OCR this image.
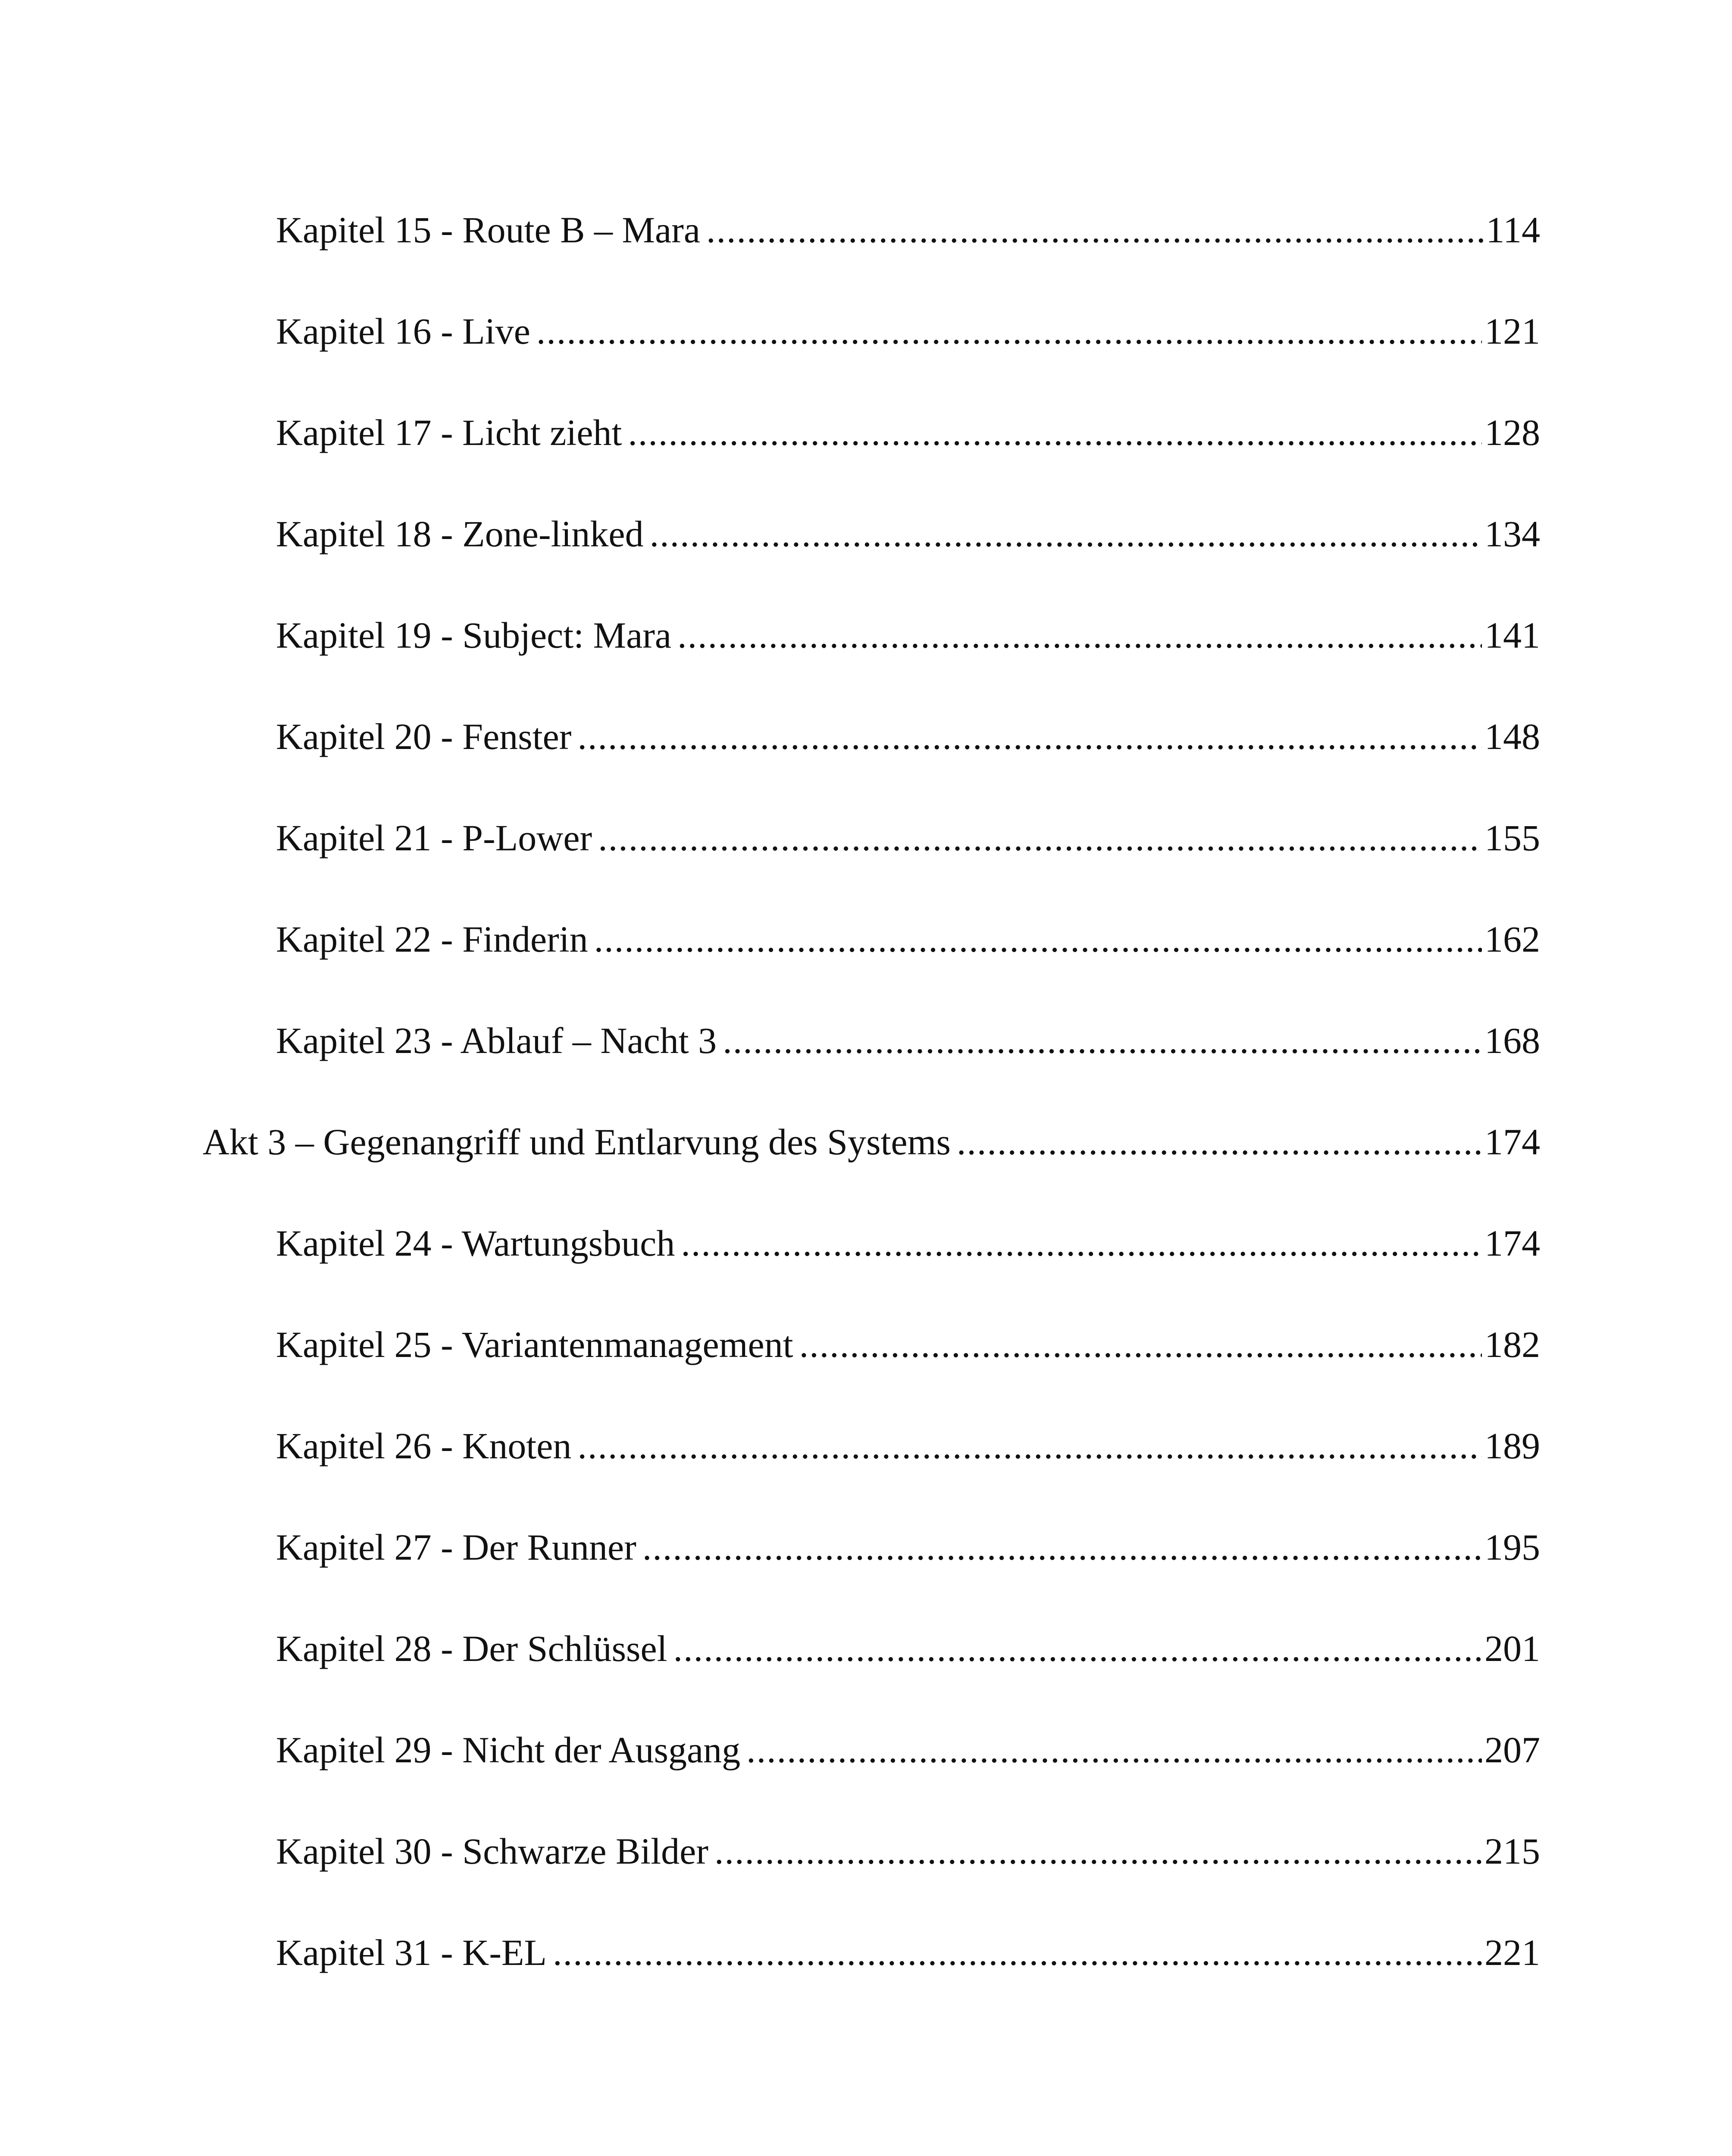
Kapitel 15 - Route B – Mara .....	114
Kapitel 16 - Live .....	121
Kapitel 17 - Licht zieht .....	128
Kapitel 18 - Zone-linked .....	134
Kapitel 19 - Subject: Mara .....	141
Kapitel 20 - Fenster .....	148
Kapitel 21 - P-Lower .....	155
Kapitel 22 - Finderin .....	162
Kapitel 23 - Ablauf – Nacht 3 .....	168
Akt 3 – Gegenangriff und Entlarvung des Systems .....	174
Kapitel 24 - Wartungsbuch .....	174
Kapitel 25 - Variantenmanagement .....	182
Kapitel 26 - Knoten .....	189
Kapitel 27 - Der Runner .....	195
Kapitel 28 - Der Schlüssel .....	201
Kapitel 29 - Nicht der Ausgang .....	207
Kapitel 30 - Schwarze Bilder .....	215
Kapitel 31 - K-EL .....	221
